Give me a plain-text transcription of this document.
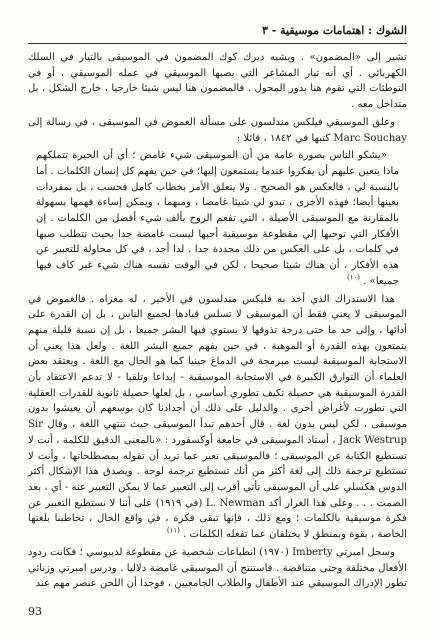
الشوك : اهتمامات موسيقية - ٣

تشير إلى «المضمون» . ويشبه ديرك كوك المضمون في الموسيقى بالتيار في السلك الكهربائي . أي أنه تيار المشاعر التي يصبها الموسيقي في عمله الموسيقي ، أو في التوطئات التي تقوم هنا بدور المحول . فالمضمون هنا ليس شيئا خارجيا ، خارج الشكل ، بل متداخل معه .

وعلق الموسيقي فيلكس مندلسون على مسألة الغموض في الموسيقى ، في رسالة إلى Marc Souchay كتبها في ١٨٤٢ ، قائلا :

«يشكو الناس بصورة عامة من أن الموسيقى شيء غامض ؛ أي أن الحيرة تتملكهم ماذا يتعين عليهم أن يفكروا عندما يستمعون إليها؛ في حين يفهم كل إنسان الكلمات . أما بالنسبة لي ، فالعكس هو الصحيح . ولا يتعلق الأمر بخطاب كامل فحسب ، بل بمفردات بعينها أيضا؛ فهذه الأخرى ، تبدو لي شيئا غامضا ، ومبهما ، ويمكن إساءة فهمها بسهولة بالمقارنة مع الموسيقى الأصيلة ، التي تفعم الروح بألف شيء أفضل من الكلمات . إن الأفكار التي توحيها إلي مقطوعة موسيقية أحبها ليست غامضة جدا بحيث تتطلب صبها في كلمات ، بل على العكس من ذلك محددة جدا . لذا أجد ، في كل محاولة للتعبير عن هذه الأفكار ، أن هناك شيئا صحيحا ، لكن في الوقت نفسه هناك شيء غير كاف فيها جميعا» . $^{(١٠)}$

هذا الاستدراك الذي أخذ به فليكس مندلسون في الأخير ، له مغزاه . فالغموض في الموسيقى لا يعني فقط أن الموسيقى لا تسلس قيادها لجميع الناس ، بل إن القدرة على أدائها ، وإلى حد ما حتى درجة تذوقها لا يستوي فيها البشر جميعا ، بل إن نسبة قليلة منهم يتمتعون بهذه القدرة أو الموهبة ، في حين يفهم جميع البشر اللغة . ولعل هذا يعني أن الاستجابة الموسيقية ليست مبرمجة في الدماغ جينيا كما هو الحال مع اللغة . ويعتقد بعض العلماء أن التوارق الكبيرة في الاستجابة الموسيقية - إبداعا وتلقيا - لا تدعم الاعتقاد بأن القدرة الموسيقية هي حصيلة تكيف تطوري أساسي ، بل لعلها حصيلة ثانوية للقدرات العقلية التي تطورت لأغراض أخرى . والدليل على ذلك أن أجدادنا كان بوسعهم أن يعيشوا بدون موسيقى ، لكن ليس بدون لغة . قال أحدهم تبدأ الموسيقى حيث تنتهي اللغة ، وقال Sir Jack Westrup ، أستاذ الموسيقى في جامعة أوكسفورد : «بالمعنى الدقيق للكلمة ، أنت لا تستطيع الكتابة عن الموسيقى ؛ فالموسيقى تعبر عما تريد أن تقوله بمصطلحاتها ، وأنت لا تستطيع ترجمة ذلك إلى لغة أكثر من أنك تستطيع ترجمة لوحة . ويصدق هذا الإشكال أكثر الدوس هكسلي على أن الموسيقى تأتي أقرب إلى التعبير عما لا يمكن التعبير عنه - أي ، بعد الصمت . . . وعلى هذا الغرار أكد L. Newman (في ١٩١٩) على أننا لا نستطيع التعبير عن فكرة موسيقية بالكلمات ؛ ومع ذلك ، فإنها تبقى فكرة ، في واقع الحال ، تخاطبنا بلغتها الخاصة ، بقوة وبمنطق لا يختلفان عما تفعله الكلمات . $^{(١١)}$

وسجل امبرتي Imberty (١٩٧٠) انطباعات شخصية عن مقطوعة لديبوسي ؛ فكانت ردود الأفعال مختلفة وحتى متناقضة . فاستنتج أن الموسيقى غامضة دلاليا . ودرس امبرتي وزنائي تطور الإدراك الموسيقي عند الأطفال والطلاب الجامعيين ، فوجدا أن اللحن عنصر مهم عند

93
